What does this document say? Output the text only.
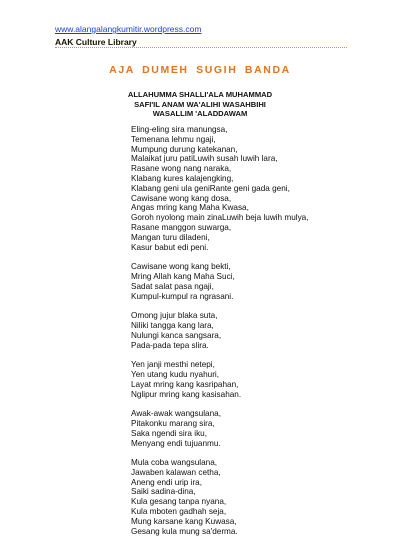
www.alangalangkumitir.wordpress.com
AAK Culture Library
AJA DUMEH SUGIH BANDA
ALLAHUMMA SHALLI'ALA MUHAMMAD
SAFI'IL ANAM WA'ALIHI WASAHBIHI
WASALLIM 'ALADDAWAM
Eling-eling sira manungsa,
Temenana lehmu ngaji,
Mumpung durung katekanan,
Malaikat juru patiLuwih susah luwih lara,
Rasane wong nang naraka,
Klabang kures kalajengking,
Klabang geni ula geniRante geni gada geni,
Cawisane wong kang dosa,
Angas mring kang Maha Kwasa,
Goroh nyolong main zinaLuwih beja luwih mulya,
Rasane manggon suwarga,
Mangan turu diladeni,
Kasur babut edi peni.
Cawisane wong kang bekti,
Mring Allah kang Maha Suci,
Sadat salat pasa ngaji,
Kumpul-kumpul ra ngrasani.
Omong jujur blaka suta,
Niliki tangga kang lara,
Nulungi kanca sangsara,
Pada-pada tepa slira.
Yen janji mesthi netepi,
Yen utang kudu nyahuri,
Layat mring kang kasripahan,
Nglipur mring kang kasisahan.
Awak-awak wangsulana,
Pitakonku marang sira,
Saka ngendi sira iku,
Menyang endi tujuanmu.
Mula coba wangsulana,
Jawaben kalawan cetha,
Aneng endi urip ira,
Saiki sadina-dina,
Kula gesang tanpa nyana,
Kula mboten gadhah seja,
Mung karsane kang Kuwasa,
Gesang kula mung sa'derma.
